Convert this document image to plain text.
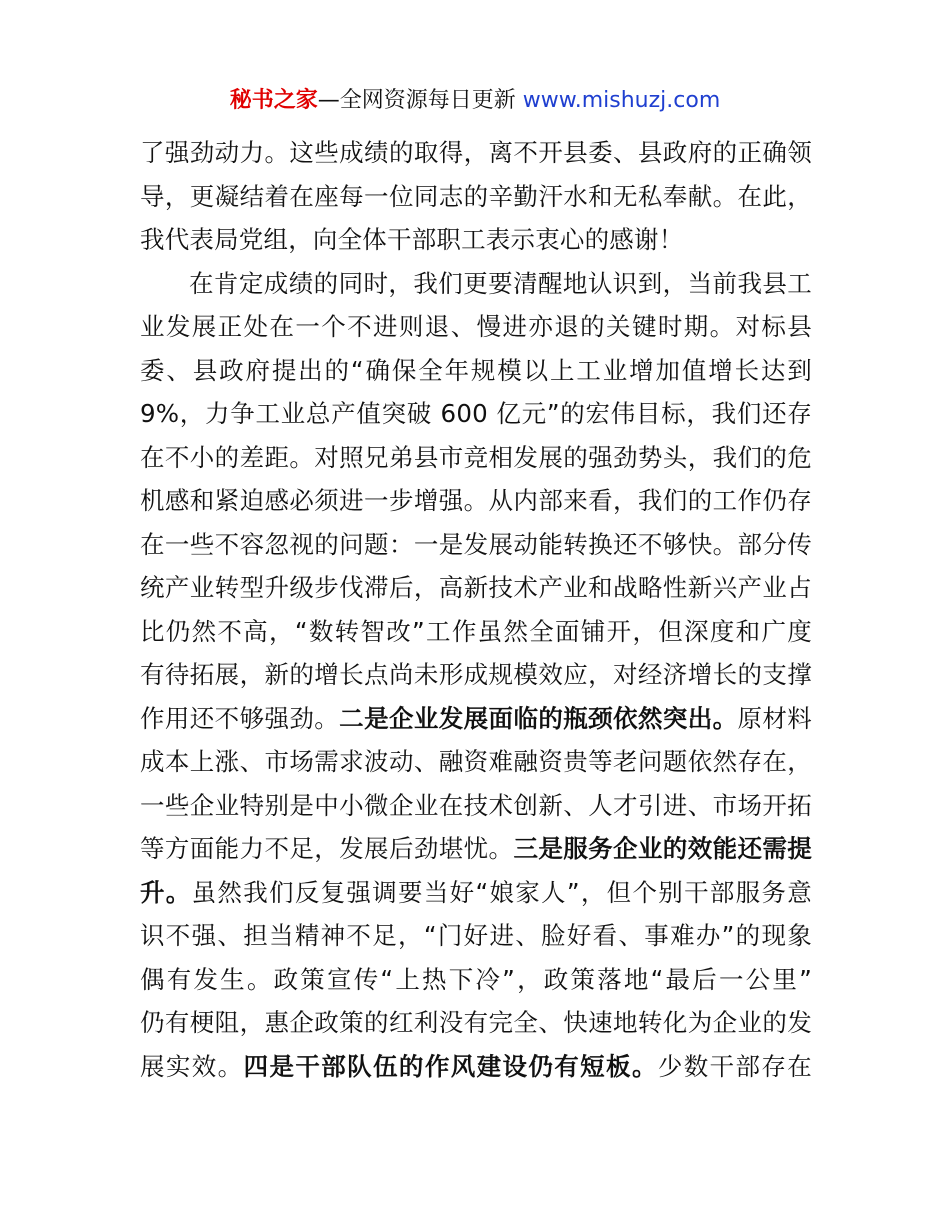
秘书之家—全网资源每日更新 www.mishuzj.com
了强劲动力。这些成绩的取得，离不开县委、县政府的正确领
导，更凝结着在座每一位同志的辛勤汗水和无私奉献。在此，
我代表局党组，向全体干部职工表示衷心的感谢！
在肯定成绩的同时，我们更要清醒地认识到，当前我县工
业发展正处在一个不进则退、慢进亦退的关键时期。对标县
委、县政府提出的“确保全年规模以上工业增加值增长达到
9%，力争工业总产值突破 600 亿元”的宏伟目标，我们还存
在不小的差距。对照兄弟县市竞相发展的强劲势头，我们的危
机感和紧迫感必须进一步增强。从内部来看，我们的工作仍存
在一些不容忽视的问题：一是发展动能转换还不够快。部分传
统产业转型升级步伐滞后，高新技术产业和战略性新兴产业占
比仍然不高，“数转智改”工作虽然全面铺开，但深度和广度
有待拓展，新的增长点尚未形成规模效应，对经济增长的支撑
作用还不够强劲。二是企业发展面临的瓶颈依然突出。原材料
成本上涨、市场需求波动、融资难融资贵等老问题依然存在，
一些企业特别是中小微企业在技术创新、人才引进、市场开拓
等方面能力不足，发展后劲堪忧。三是服务企业的效能还需提
升。虽然我们反复强调要当好“娘家人”，但个别干部服务意
识不强、担当精神不足，“门好进、脸好看、事难办”的现象
偶有发生。政策宣传“上热下冷”，政策落地“最后一公里”
仍有梗阻，惠企政策的红利没有完全、快速地转化为企业的发
展实效。四是干部队伍的作风建设仍有短板。少数干部存在
